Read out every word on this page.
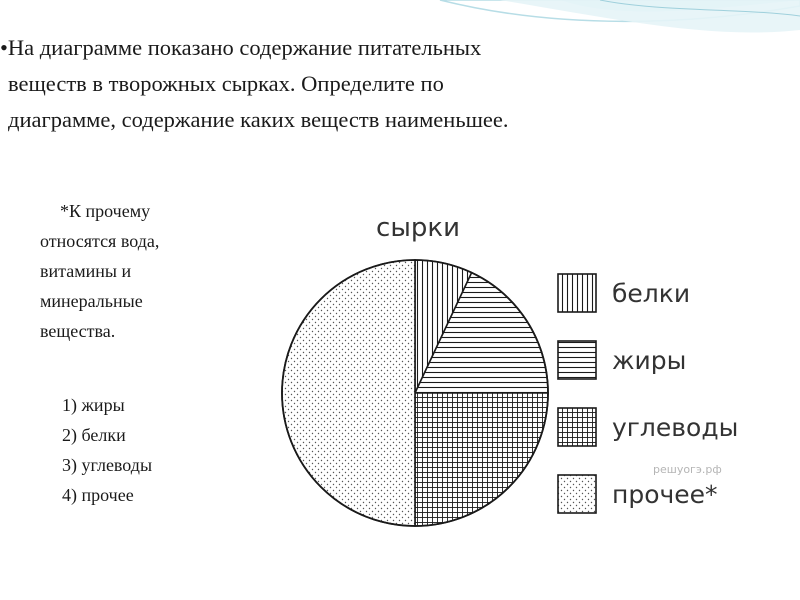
•На диаграмме показано содержание питательных
веществ в творожных сырках. Определите по
диаграмме, содержание каких веществ наименьшее.
*К прочему
относятся вода,
витамины и
минеральные
вещества.
1) жиры
2) белки
3) углеводы
4) прочее
сырки
белки
жиры
углеводы
прочее*
решуогэ.рф
